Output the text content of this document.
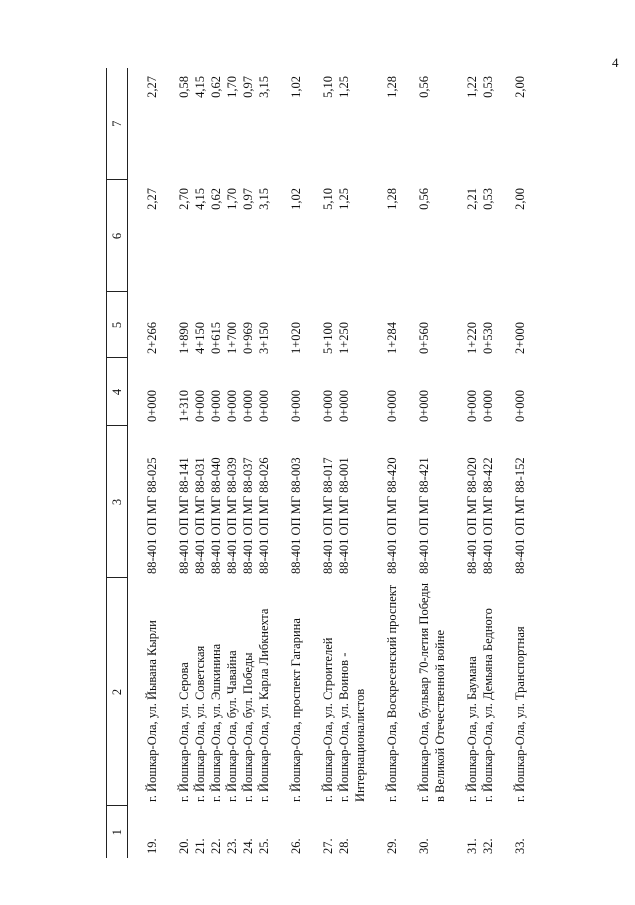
4
1	2	3	4	5	6	7
19.	г. Йошкар-Ола, ул. Йывана Кырли	88-401 ОП МГ 88-025	0+000	2+266	2,27	2,27
20.	г. Йошкар-Ола, ул. Серова	88-401 ОП МГ 88-141	1+310	1+890	2,70	0,58
21.	г. Йошкар-Ола, ул. Советская	88-401 ОП МГ 88-031	0+000	4+150	4,15	4,15
22.	г. Йошкар-Ола, ул. Эшкинина	88-401 ОП МГ 88-040	0+000	0+615	0,62	0,62
23.	г. Йошкар-Ола, бул. Чавайна	88-401 ОП МГ 88-039	0+000	1+700	1,70	1,70
24.	г. Йошкар-Ола, бул. Победы	88-401 ОП МГ 88-037	0+000	0+969	0,97	0,97
25.	г. Йошкар-Ола, ул. Карла Либкнехта	88-401 ОП МГ 88-026	0+000	3+150	3,15	3,15
26.	г. Йошкар-Ола, проспект Гагарина	88-401 ОП МГ 88-003	0+000	1+020	1,02	1,02
27.	г. Йошкар-Ола, ул. Строителей	88-401 ОП МГ 88-017	0+000	5+100	5,10	5,10
28.	г. Йошкар-Ола, ул. Воинов - Интернационалистов	88-401 ОП МГ 88-001	0+000	1+250	1,25	1,25
29.	г. Йошкар-Ола, Воскресенский проспект	88-401 ОП МГ 88-420	0+000	1+284	1,28	1,28
30.	г. Йошкар-Ола, бульвар 70-летия Победы в Великой Отечественной войне	88-401 ОП МГ 88-421	0+000	0+560	0,56	0,56
31.	г. Йошкар-Ола, ул. Баумана	88-401 ОП МГ 88-020	0+000	1+220	2,21	1,22
32.	г. Йошкар-Ола, ул. Демьяна Бедного	88-401 ОП МГ 88-422	0+000	0+530	0,53	0,53
33.	г. Йошкар-Ола, ул. Транспортная	88-401 ОП МГ 88-152	0+000	2+000	2,00	2,00
